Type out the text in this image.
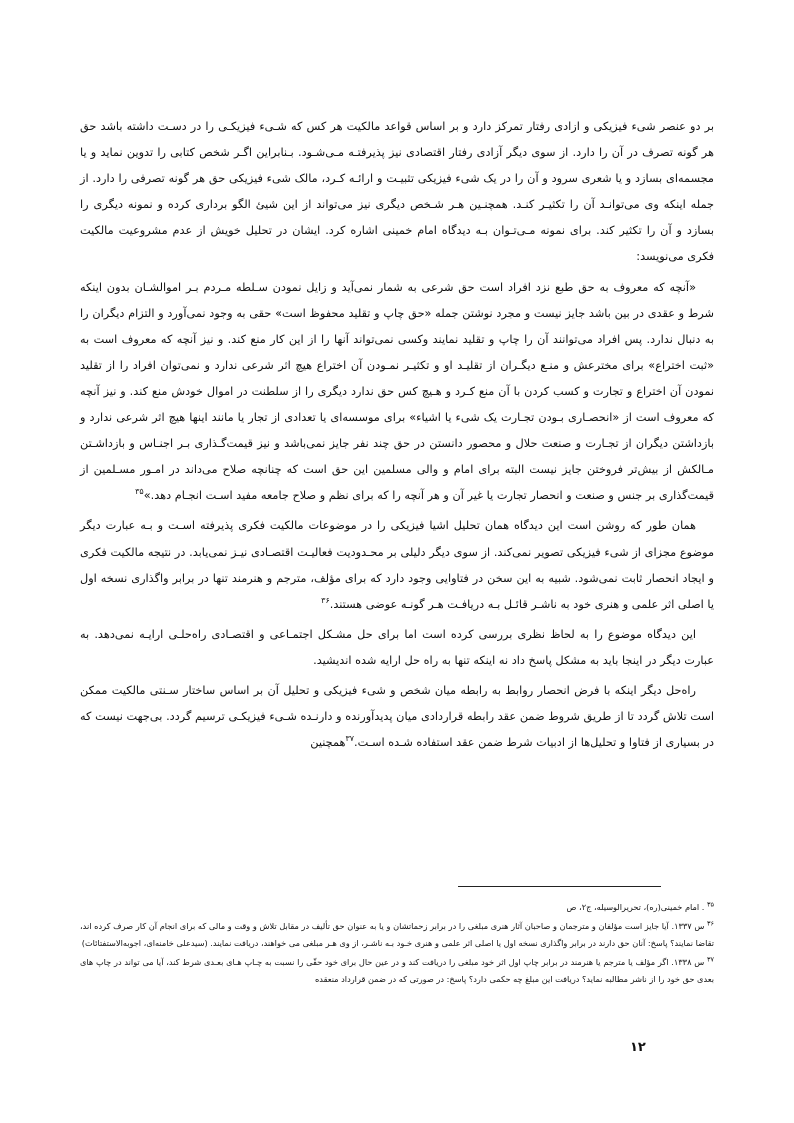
بر دو عنصر شیء فیزیکی و ازادی رفتار تمرکز دارد و بر اساس قواعد مالکیت هر کس که شـیء فیزیکـی را در دسـت داشته باشد حق هر گونه تصرف در آن را دارد. از سوی دیگر آزادی رفتار اقتصادی نیز پذیرفتـه مـی‌شـود. بـنابراین اگـر شخص کتابی را تدوین نماید و یا مجسمه‌ای بسازد و یا شعری سرود و آن را در یک شیء فیزیکی تثبیـت و ارائـه کـرد، مالک شیء فیزیکی حق هر گونه تصرفی را دارد. از جمله اینکه وی می‌توانـد آن را تکثیـر کنـد. همچنـین هـر شـخص دیگری نیز می‌تواند از این شیئ الگو برداری کرده و نمونه دیگری را بسازد و آن را تکثیر کند. برای نمونه مـی‌تـوان بـه دیدگاه امام خمینی اشاره کرد. ایشان در تحلیل خویش از عدم مشروعیت مالکیت فکری می‌نویسد:

«آنچه که معروف به حق طبع نزد افراد است حق شرعی به شمار نمی‌آید و زایل نمودن سـلطه مـردم بـر اموالشـان بدون اینکه شرط و عقدی در بین باشد جایز نیست و مجرد نوشتن جمله «حق چاپ و تقلید محفوظ است» حقی به وجود نمی‌آورد و التزام دیگران را به دنبال ندارد. پس افراد می‌توانند آن را چاپ و تقلید نمایند وکسی نمی‌تواند آنها را از این کار منع کند. و نیز آنچه که معروف است به «ثبت اختراع» برای مخترعش و منـع دیگـران از تقلیـد او و تکثیـر نمـودن آن اختراع هیچ اثر شرعی ندارد و نمی‌توان افراد را از تقلید نمودن آن اختراع و تجارت و کسب کردن با آن منع کـرد و هـیچ کس حق ندارد دیگری را از سلطنت در اموال خودش منع کند. و نیز آنچه که معروف است از «انحصـاری بـودن تجـارت یک شیء یا اشیاء» برای موسسه‌ای یا تعدادی از تجار یا مانند اینها هیچ اثر شرعی ندارد و بازداشتن دیگران از تجـارت و صنعت حلال و محصور دانستن در حق چند نفر جایز نمی‌باشد و نیز قیمت‌گـذاری بـر اجنـاس و بازداشـتن مـالکش از بیش‌تر فروختن جایز نیست البته برای امام و والی مسلمین این حق است که چنانچه صلاح می‌داند در امـور مسـلمین از قیمت‌گذاری بر جنس و صنعت و انحصار تجارت یا غیر آن و هر آنچه را که برای نظم و صلاح جامعه مفید اسـت انجـام دهد.»$^{۳۵}$

همان طور که روشن است این دیدگاه همان تحلیل اشیا فیزیکی را در موضوعات مالکیت فکری پذیرفته اسـت و بـه عبارت دیگر موضوع مجزای از شیء فیزیکی تصویر نمی‌کند. از سوی دیگر دلیلی بر محـدودیت فعالیـت اقتصـادی نیـز نمی‌یابد. در نتیجه مالکیت فکری و ایجاد انحصار ثابت نمی‌شود. شبیه به این سخن در فتاوایی وجود دارد که برای مؤلف، مترجم و هنرمند تنها در برابر واگذاری نسخه اول یا اصلی اثر علمی و هنری خود به ناشـر قائـل بـه دریافـت هـر گونـه عوضی هستند.$^{۳۶}$

این دیدگاه موضوع را به لحاظ نظری بررسی کرده است اما برای حل مشـکل اجتمـاعی و اقتصـادی راه‌حلـی ارایـه نمی‌دهد. به عبارت دیگر در اینجا باید به مشکل پاسخ داد نه اینکه تنها به راه حل ارایه شده اندیشید.

راه‌حل دیگر اینکه با فرض انحصار روابط به رابطه میان شخص و شیء فیزیکی و تحلیل آن بر اساس ساختار سـنتی مالکیت ممکن است تلاش گردد تا از طریق شروط ضمن عقد رابطه قراردادی میان پدیدآورنده و دارنـده شـیء فیزیکـی ترسیم گردد. بی‌جهت نیست که در بسیاری از فتاوا و تحلیل‌ها از ادبیات شرط ضمن عقد استفاده شـده اسـت.$^{۳۷}$همچنین

$^{۳۵}$ . امام خمینی(ره)، تحریرالوسیله، ج۲، ص

$^{۳۶}$ س ۱۳۳۷. آیا جایز است مؤلفان و مترجمان و صاحبان آثار هنری مبلغی را در برابر زحماتشان و یا به عنوان حق تألیف در مقابل تلاش و وقت و مالی که برای انجام آن کار صرف کرده اند، تقاضا نمایند؟ پاسخ: آنان حق دارند در برابر واگذاری نسخه اول یا اصلی اثر علمی و هنری خـود بـه ناشـر، از وی هـر مبلغی می خواهند، دریافت نمایند. (سیدعلی خامنه‌ای، اجوبه‌الاستفتائات)

$^{۳۷}$ س ۱۳۳۸. اگر مؤلف یا مترجم یا هنرمند در برابر چاپ اول اثر خود مبلغی را دریافت کند و در عین حال برای خود حقّی را نسبت به چـاپ هـای بعـدی شرط کند، آیا می تواند در چاپ های بعدی حق خود را از ناشر مطالبه نماید؟ دریافت این مبلغ چه حکمی دارد؟ پاسخ: در صورتی که در ضمن قرارداد منعقده

۱۲
